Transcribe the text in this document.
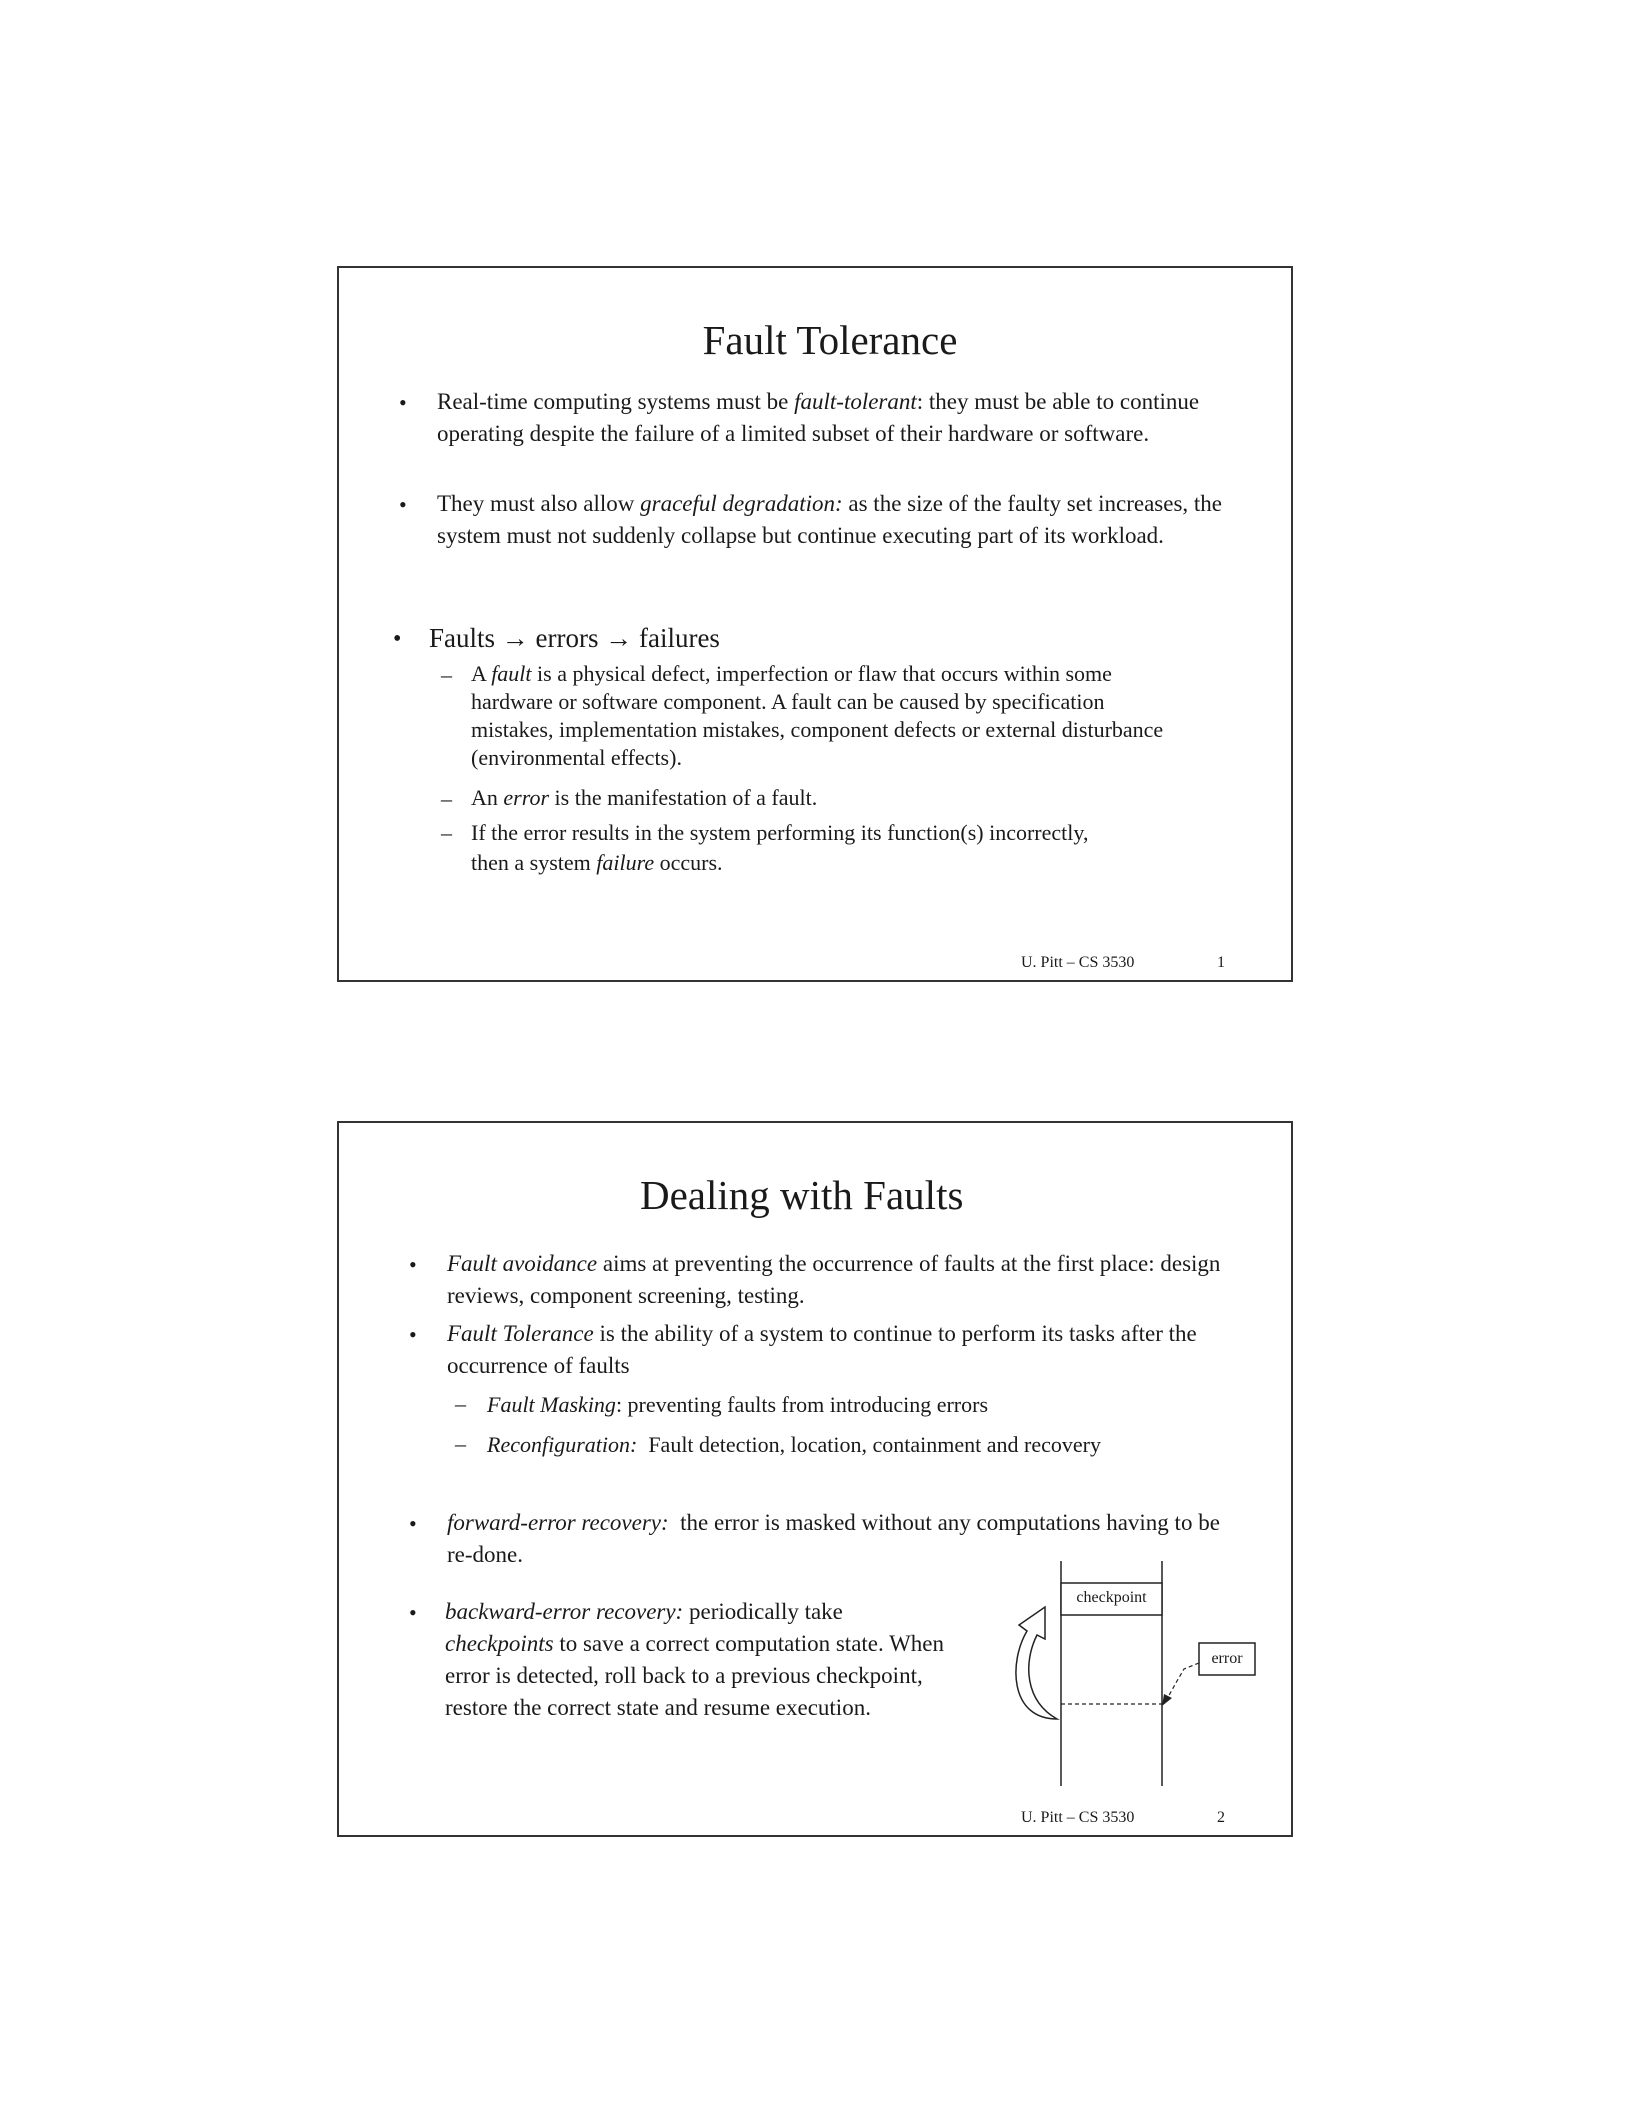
Fault Tolerance
• Real-time computing systems must be fault-tolerant: they must be able to continue operating despite the failure of a limited subset of their hardware or software.
• They must also allow graceful degradation: as the size of the faulty set increases, the system must not suddenly collapse but continue executing part of its workload.
• Faults → errors → failures
– A fault is a physical defect, imperfection or flaw that occurs within some hardware or software component. A fault can be caused by specification mistakes, implementation mistakes, component defects or external disturbance (environmental effects).
– An error is the manifestation of a fault.
– If the error results in the system performing its function(s) incorrectly, then a system failure occurs.
U. Pitt – CS 3530	1
Dealing with Faults
• Fault avoidance aims at preventing the occurrence of faults at the first place: design reviews, component screening, testing.
• Fault Tolerance is the ability of a system to continue to perform its tasks after the occurrence of faults
– Fault Masking: preventing faults from introducing errors
– Reconfiguration:  Fault detection, location, containment and recovery
• forward-error recovery:  the error is masked without any computations having to be re-done.
• backward-error recovery: periodically take checkpoints to save a correct computation state. When error is detected, roll back to a previous checkpoint, restore the correct state and resume execution.
checkpoint
error
U. Pitt – CS 3530	2
